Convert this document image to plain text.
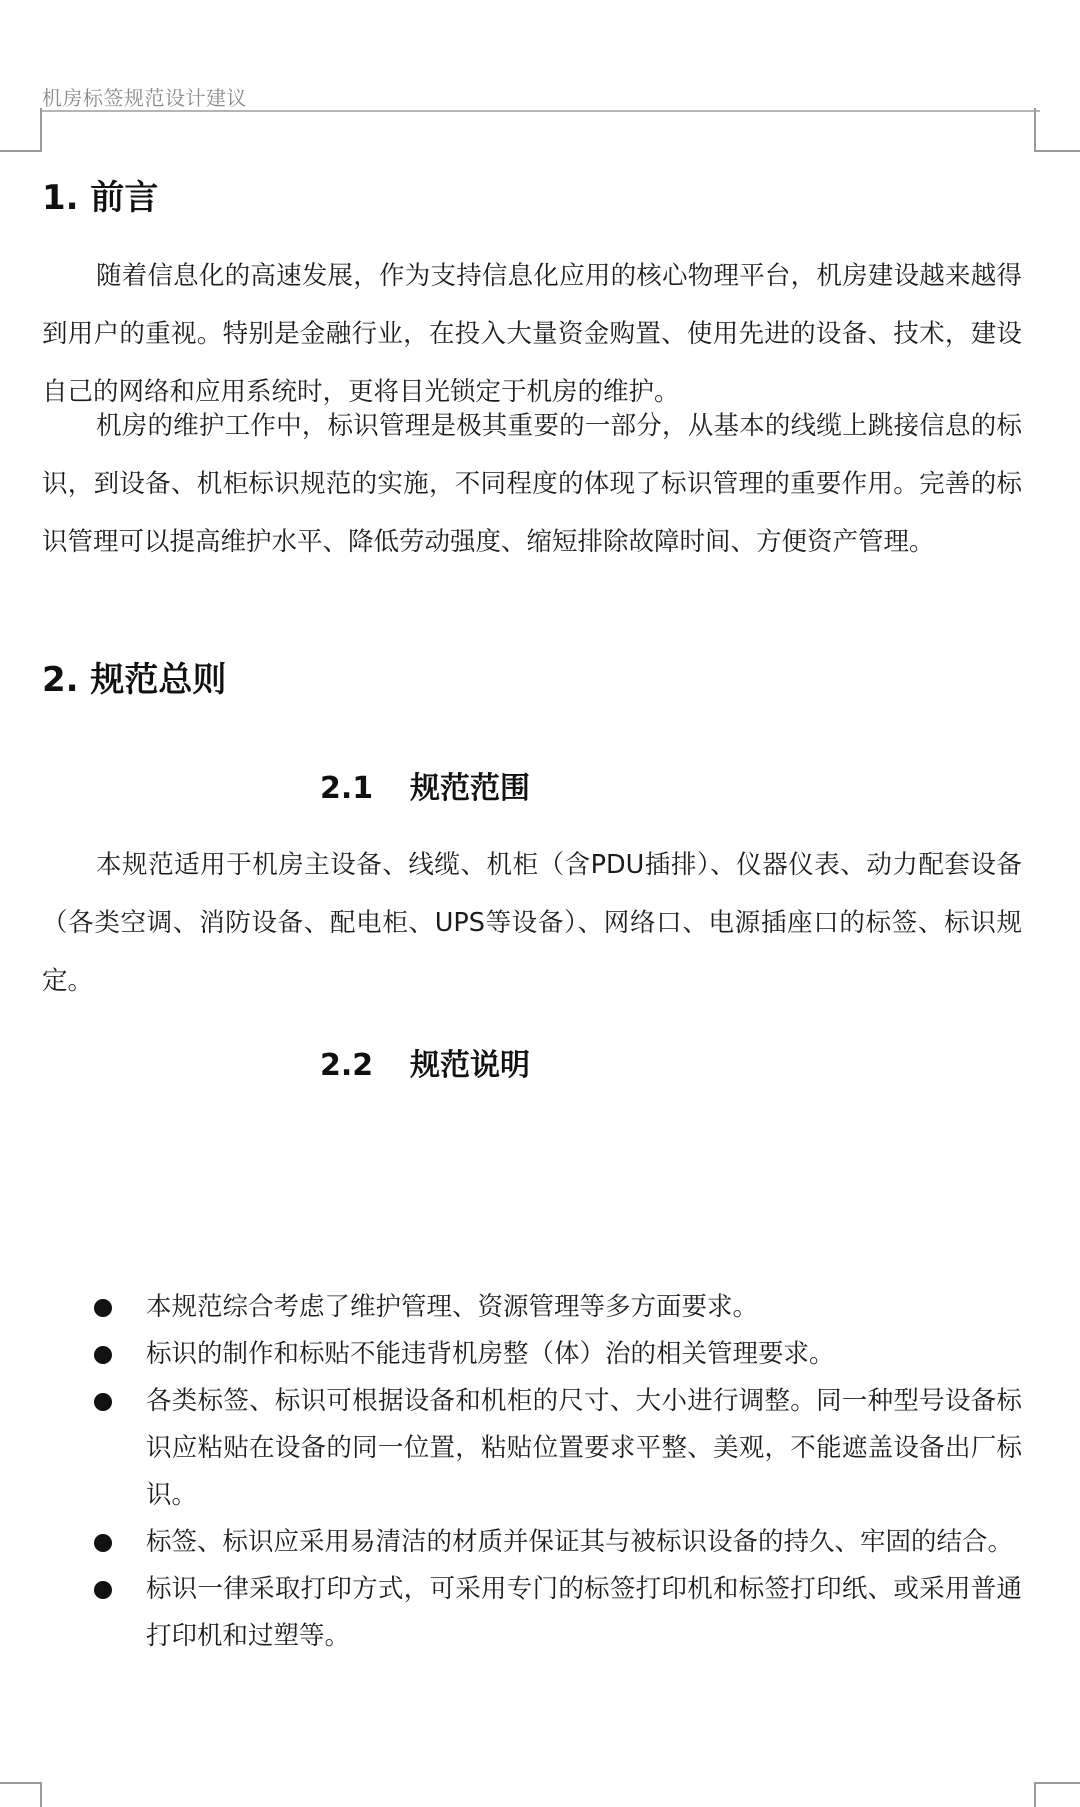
机房标签规范设计建议
1. 前言

随着信息化的高速发展，作为支持信息化应用的核心物理平台，机房建设越来越得到用户的重视。特别是金融行业，在投入大量资金购置、使用先进的设备、技术，建设自己的网络和应用系统时，更将目光锁定于机房的维护。

机房的维护工作中，标识管理是极其重要的一部分，从基本的线缆上跳接信息的标识，到设备、机柜标识规范的实施，不同程度的体现了标识管理的重要作用。完善的标识管理可以提高维护水平、降低劳动强度、缩短排除故障时间、方便资产管理。

2. 规范总则
2.1 规范范围

本规范适用于机房主设备、线缆、机柜（含PDU插排）、仪器仪表、动力配套设备（各类空调、消防设备、配电柜、UPS等设备）、网络口、电源插座口的标签、标识规定。

2.2 规范说明
本规范综合考虑了维护管理、资源管理等多方面要求。
标识的制作和标贴不能违背机房整（体）治的相关管理要求。
各类标签、标识可根据设备和机柜的尺寸、大小进行调整。同一种型号设备标识应粘贴在设备的同一位置，粘贴位置要求平整、美观，不能遮盖设备出厂标识。
标签、标识应采用易清洁的材质并保证其与被标识设备的持久、牢固的结合。
标识一律采取打印方式，可采用专门的标签打印机和标签打印纸、或采用普通打印机和过塑等。
